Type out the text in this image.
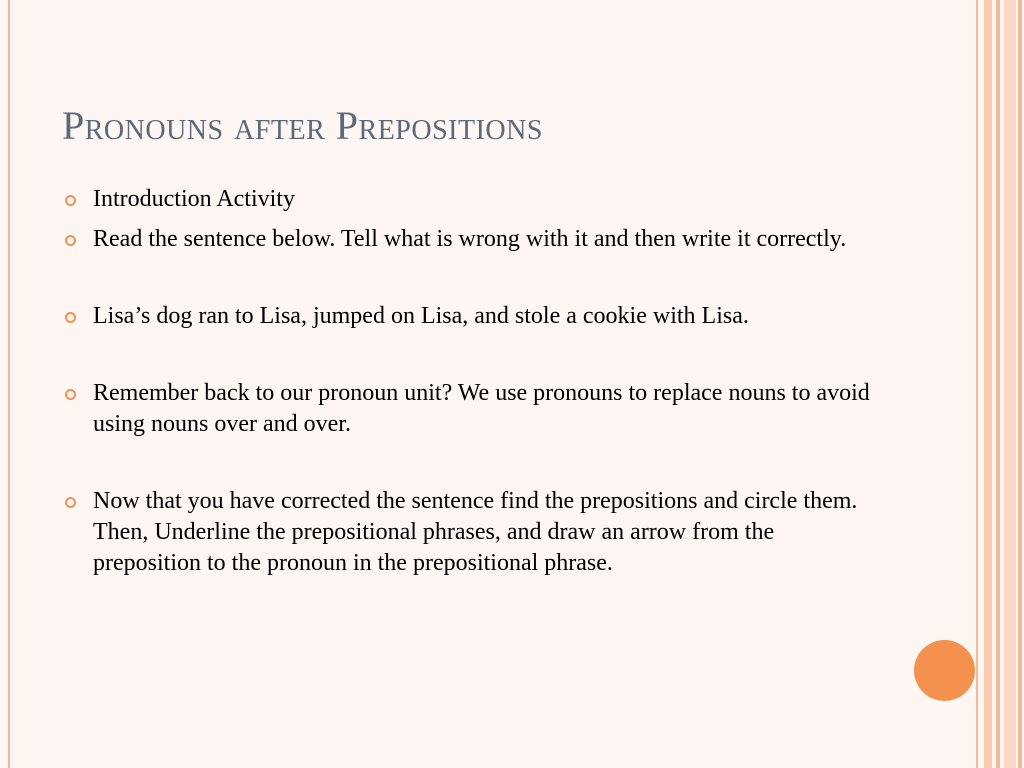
Pronouns after Prepositions
Introduction Activity
Read the sentence below. Tell what is wrong with it and then write it correctly.
Lisa’s dog ran to Lisa, jumped on Lisa, and stole a cookie with Lisa.
Remember back to our pronoun unit? We use pronouns to replace nouns to avoid using nouns over and over.
Now that you have corrected the sentence find the prepositions and circle them. Then, Underline the prepositional phrases, and draw an arrow from the preposition to the pronoun in the prepositional phrase.
